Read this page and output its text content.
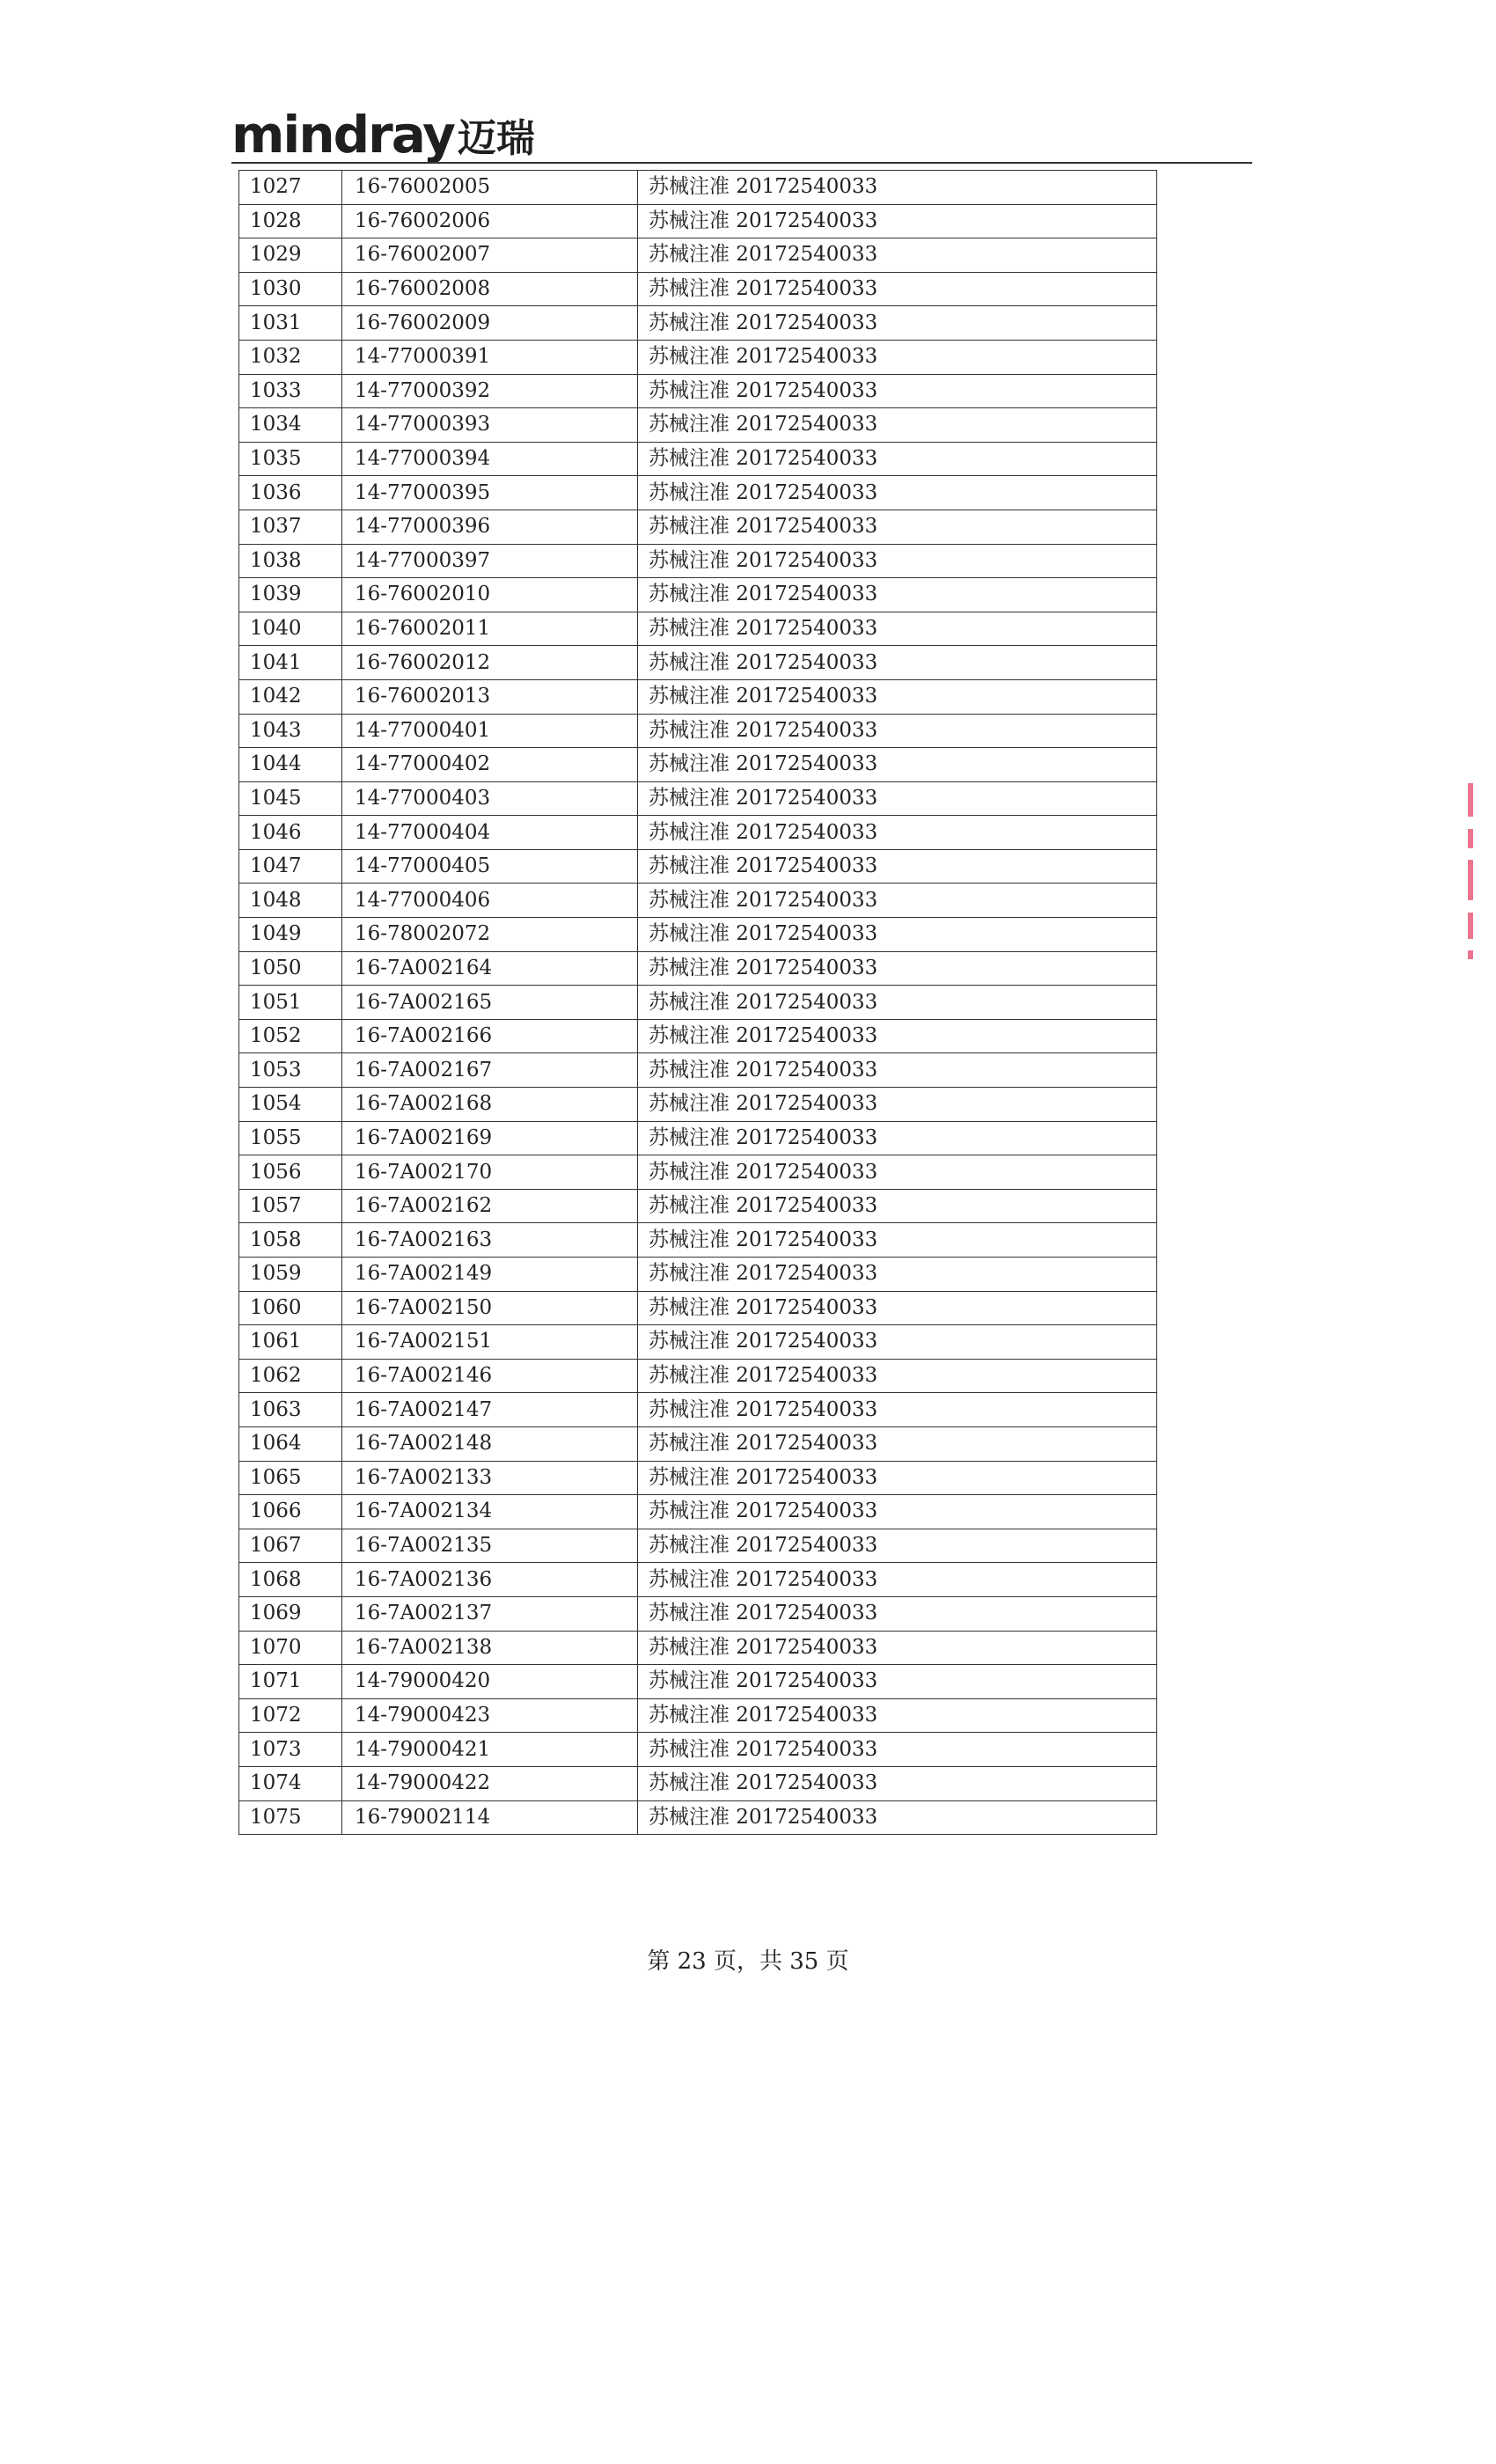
mindray 迈瑞
1027	16-76002005	苏械注准 20172540033
1028	16-76002006	苏械注准 20172540033
1029	16-76002007	苏械注准 20172540033
1030	16-76002008	苏械注准 20172540033
1031	16-76002009	苏械注准 20172540033
1032	14-77000391	苏械注准 20172540033
1033	14-77000392	苏械注准 20172540033
1034	14-77000393	苏械注准 20172540033
1035	14-77000394	苏械注准 20172540033
1036	14-77000395	苏械注准 20172540033
1037	14-77000396	苏械注准 20172540033
1038	14-77000397	苏械注准 20172540033
1039	16-76002010	苏械注准 20172540033
1040	16-76002011	苏械注准 20172540033
1041	16-76002012	苏械注准 20172540033
1042	16-76002013	苏械注准 20172540033
1043	14-77000401	苏械注准 20172540033
1044	14-77000402	苏械注准 20172540033
1045	14-77000403	苏械注准 20172540033
1046	14-77000404	苏械注准 20172540033
1047	14-77000405	苏械注准 20172540033
1048	14-77000406	苏械注准 20172540033
1049	16-78002072	苏械注准 20172540033
1050	16-7A002164	苏械注准 20172540033
1051	16-7A002165	苏械注准 20172540033
1052	16-7A002166	苏械注准 20172540033
1053	16-7A002167	苏械注准 20172540033
1054	16-7A002168	苏械注准 20172540033
1055	16-7A002169	苏械注准 20172540033
1056	16-7A002170	苏械注准 20172540033
1057	16-7A002162	苏械注准 20172540033
1058	16-7A002163	苏械注准 20172540033
1059	16-7A002149	苏械注准 20172540033
1060	16-7A002150	苏械注准 20172540033
1061	16-7A002151	苏械注准 20172540033
1062	16-7A002146	苏械注准 20172540033
1063	16-7A002147	苏械注准 20172540033
1064	16-7A002148	苏械注准 20172540033
1065	16-7A002133	苏械注准 20172540033
1066	16-7A002134	苏械注准 20172540033
1067	16-7A002135	苏械注准 20172540033
1068	16-7A002136	苏械注准 20172540033
1069	16-7A002137	苏械注准 20172540033
1070	16-7A002138	苏械注准 20172540033
1071	14-79000420	苏械注准 20172540033
1072	14-79000423	苏械注准 20172540033
1073	14-79000421	苏械注准 20172540033
1074	14-79000422	苏械注准 20172540033
1075	16-79002114	苏械注准 20172540033
第 23 页，共 35 页
